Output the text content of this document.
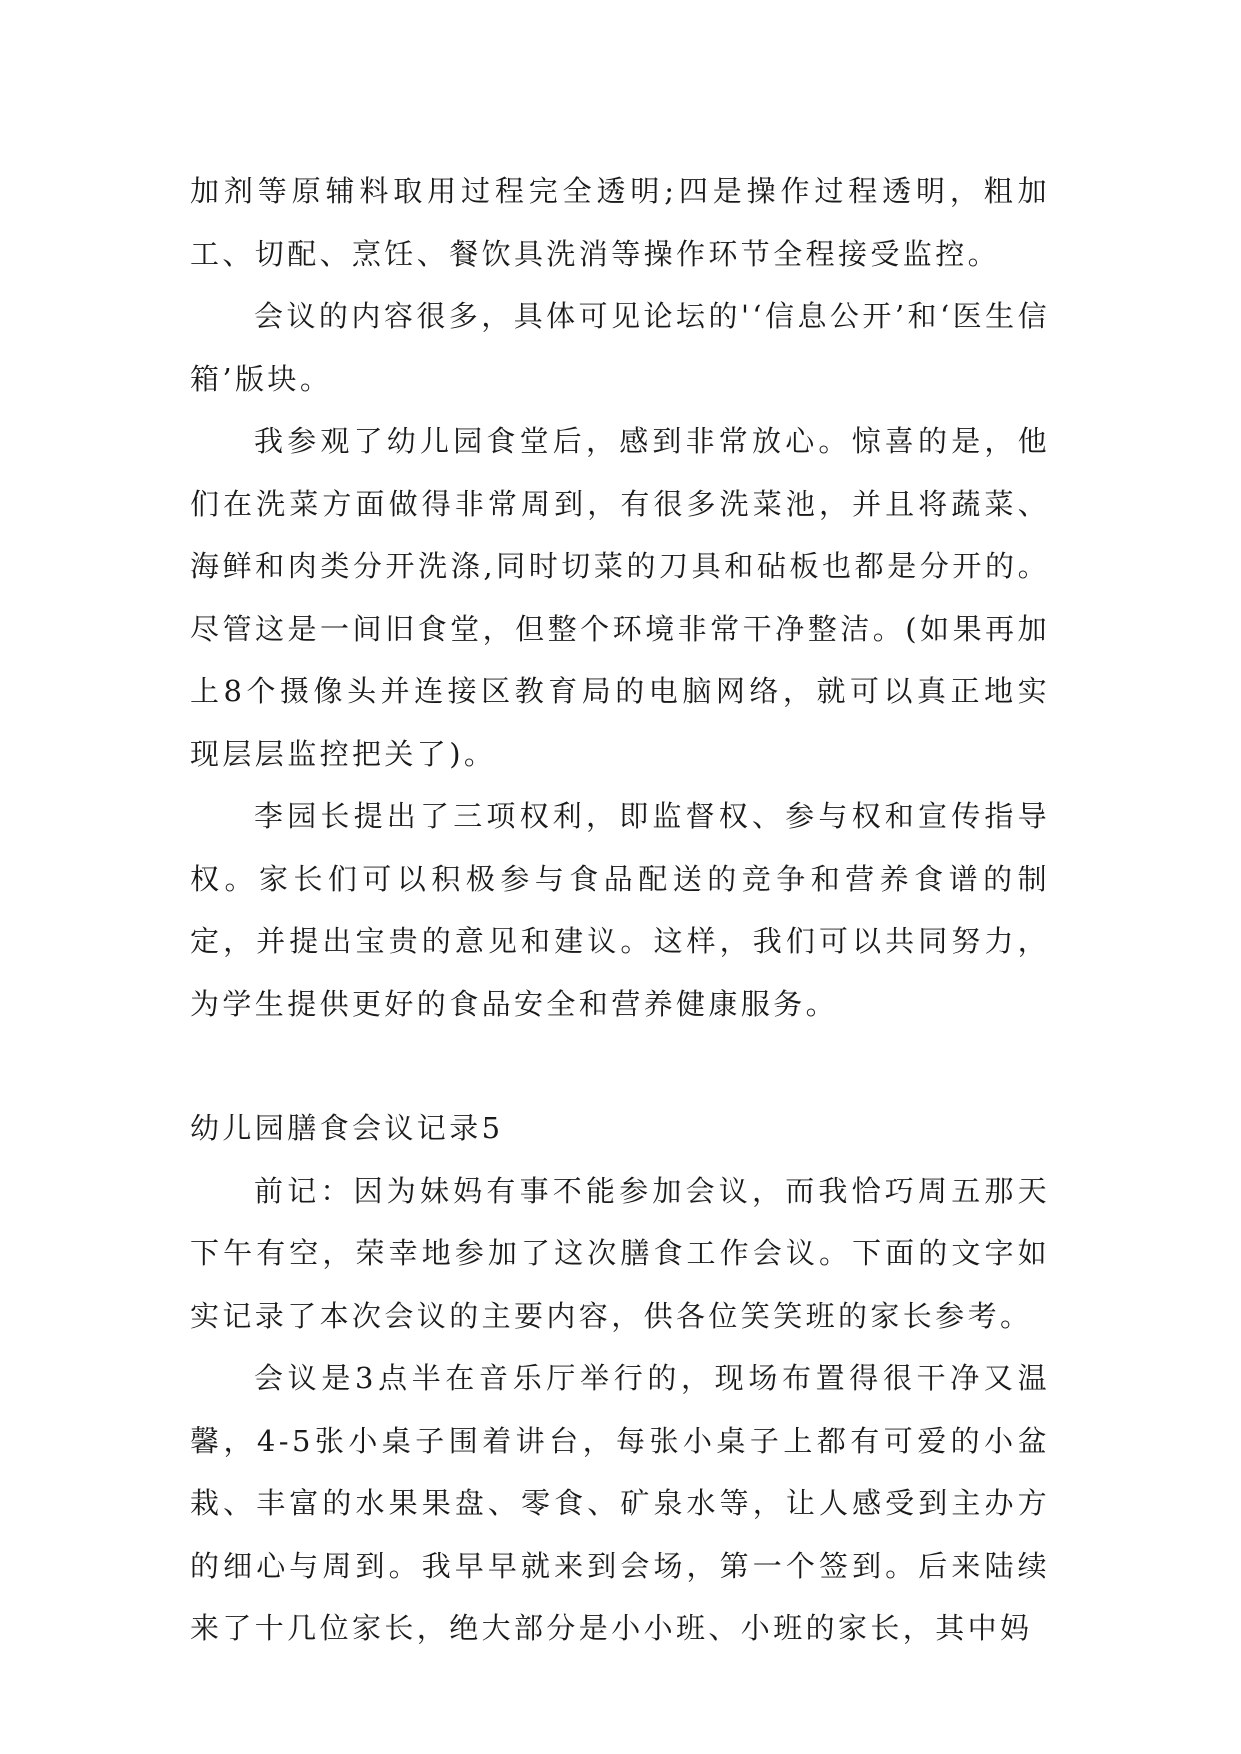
加剂等原辅料取用过程完全透明;四是操作过程透明，粗加工、切配、烹饪、餐饮具洗消等操作环节全程接受监控。

会议的内容很多，具体可见论坛的'‘信息公开’和‘医生信箱’版块。

我参观了幼儿园食堂后，感到非常放心。惊喜的是，他们在洗菜方面做得非常周到，有很多洗菜池，并且将蔬菜、海鲜和肉类分开洗涤,同时切菜的刀具和砧板也都是分开的。尽管这是一间旧食堂，但整个环境非常干净整洁。(如果再加上8个摄像头并连接区教育局的电脑网络，就可以真正地实现层层监控把关了)。

李园长提出了三项权利，即监督权、参与权和宣传指导权。家长们可以积极参与食品配送的竞争和营养食谱的制定，并提出宝贵的意见和建议。这样，我们可以共同努力，为学生提供更好的食品安全和营养健康服务。

幼儿园膳食会议记录5

前记：因为妹妈有事不能参加会议，而我恰巧周五那天下午有空，荣幸地参加了这次膳食工作会议。下面的文字如实记录了本次会议的主要内容，供各位笑笑班的家长参考。

会议是3点半在音乐厅举行的，现场布置得很干净又温馨，4-5张小桌子围着讲台，每张小桌子上都有可爱的小盆栽、丰富的水果果盘、零食、矿泉水等，让人感受到主办方的细心与周到。我早早就来到会场，第一个签到。后来陆续来了十几位家长，绝大部分是小小班、小班的家长，其中妈
